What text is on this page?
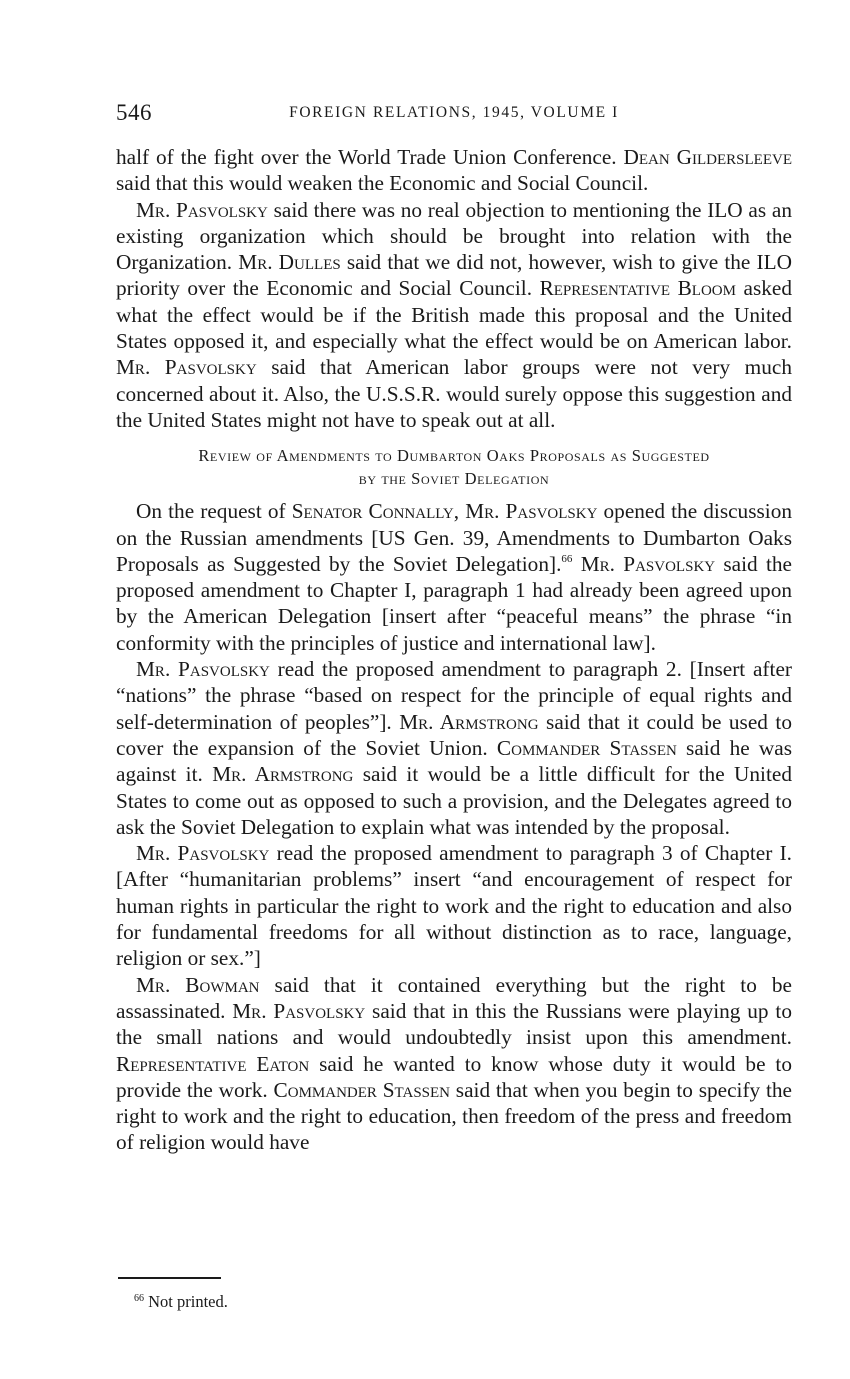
546	FOREIGN RELATIONS, 1945, VOLUME I

half of the fight over the World Trade Union Conference. Dean Gildersleeve said that this would weaken the Economic and Social Council.

Mr. Pasvolsky said there was no real objection to mentioning the ILO as an existing organization which should be brought into relation with the Organization. Mr. Dulles said that we did not, however, wish to give the ILO priority over the Economic and Social Council. Representative Bloom asked what the effect would be if the British made this proposal and the United States opposed it, and especially what the effect would be on American labor. Mr. Pasvolsky said that American labor groups were not very much concerned about it. Also, the U.S.S.R. would surely oppose this suggestion and the United States might not have to speak out at all.

Review of Amendments to Dumbarton Oaks Proposals as Suggested
by the Soviet Delegation

On the request of Senator Connally, Mr. Pasvolsky opened the discussion on the Russian amendments [US Gen. 39, Amendments to Dumbarton Oaks Proposals as Suggested by the Soviet Delegation].$^{66}$ Mr. Pasvolsky said the proposed amendment to Chapter I, paragraph 1 had already been agreed upon by the American Delegation [insert after “peaceful means” the phrase “in conformity with the principles of justice and international law].

Mr. Pasvolsky read the proposed amendment to paragraph 2. [Insert after “nations” the phrase “based on respect for the principle of equal rights and self-determination of peoples”]. Mr. Armstrong said that it could be used to cover the expansion of the Soviet Union. Commander Stassen said he was against it. Mr. Armstrong said it would be a little difficult for the United States to come out as opposed to such a provision, and the Delegates agreed to ask the Soviet Delegation to explain what was intended by the proposal.

Mr. Pasvolsky read the proposed amendment to paragraph 3 of Chapter I. [After “humanitarian problems” insert “and encouragement of respect for human rights in particular the right to work and the right to education and also for fundamental freedoms for all without distinction as to race, language, religion or sex.”]

Mr. Bowman said that it contained everything but the right to be assassinated. Mr. Pasvolsky said that in this the Russians were playing up to the small nations and would undoubtedly insist upon this amendment. Representative Eaton said he wanted to know whose duty it would be to provide the work. Commander Stassen said that when you begin to specify the right to work and the right to education, then freedom of the press and freedom of religion would have

$^{66}$ Not printed.
